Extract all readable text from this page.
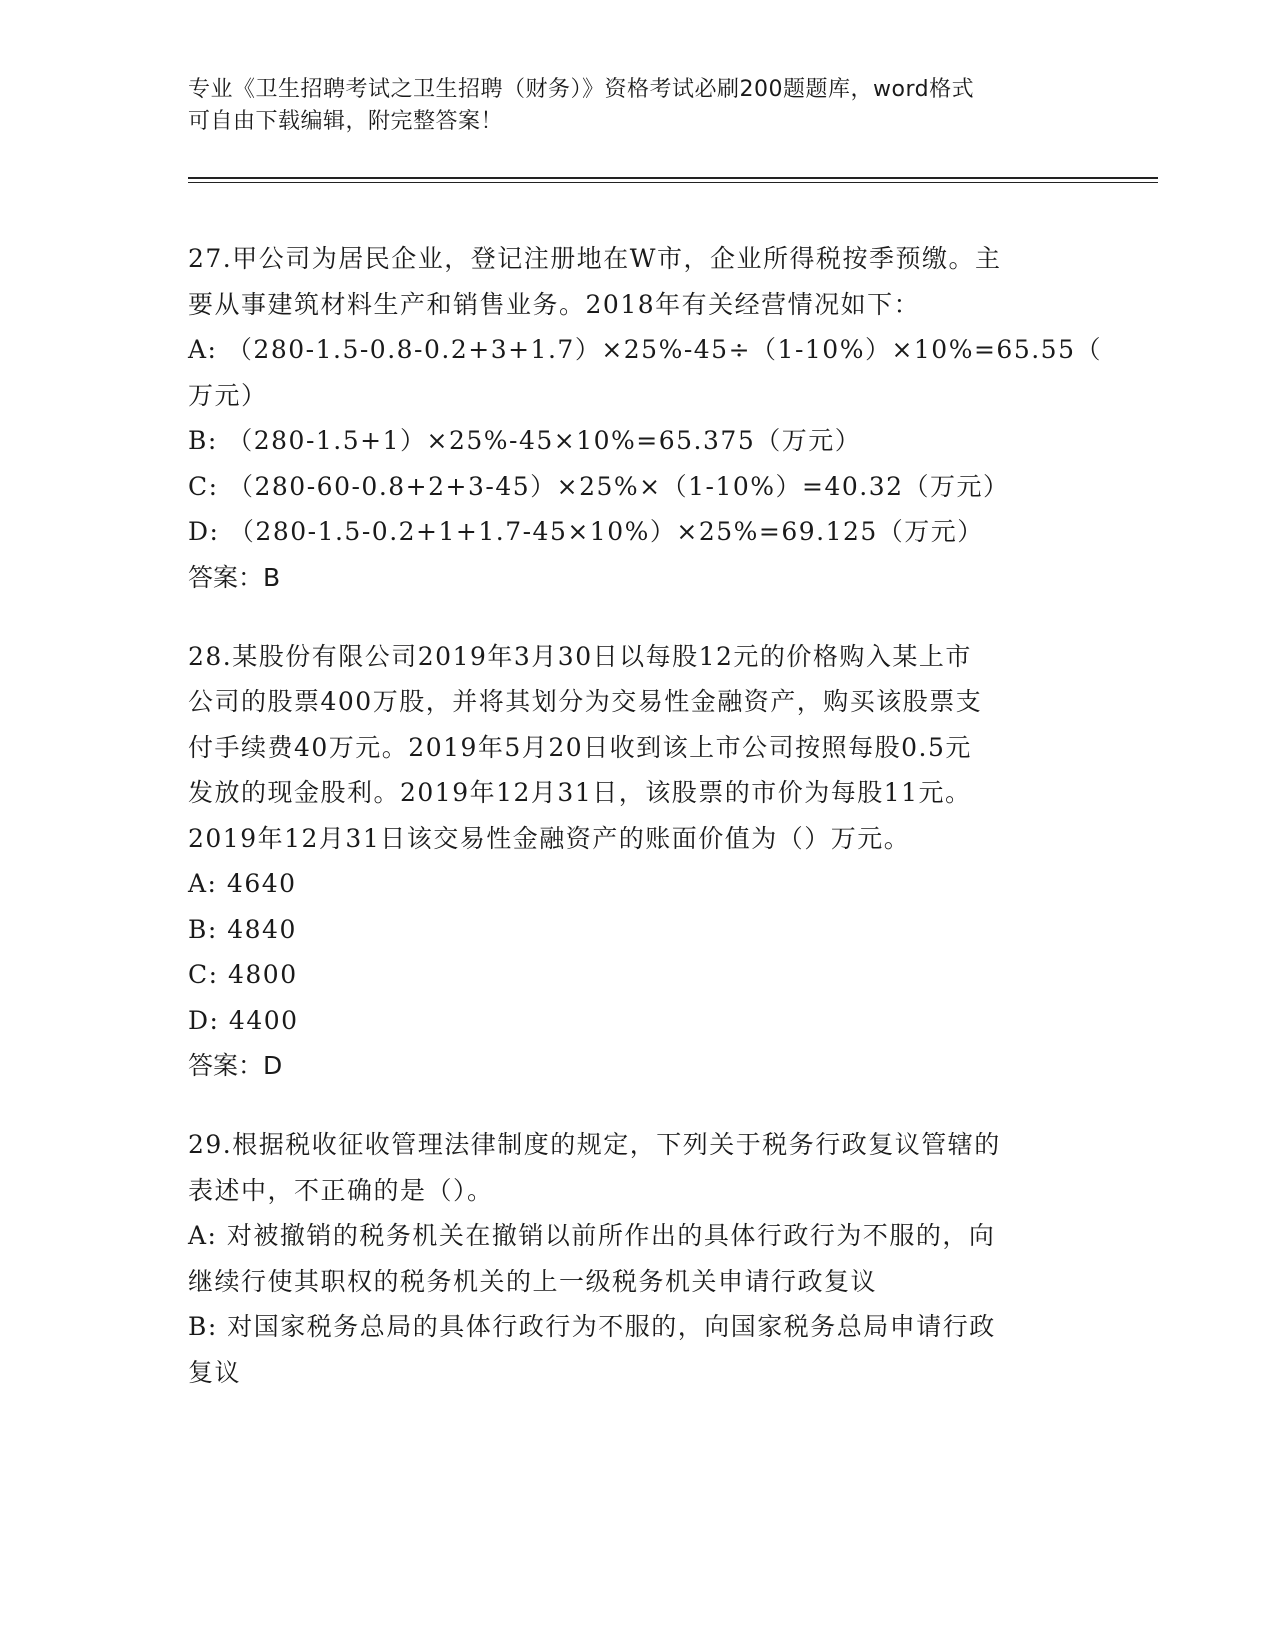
专业《卫生招聘考试之卫生招聘（财务）》资格考试必刷200题题库，word格式
可自由下载编辑，附完整答案！
27.甲公司为居民企业，登记注册地在W市，企业所得税按季预缴。主
要从事建筑材料生产和销售业务。2018年有关经营情况如下：
A: （280-1.5-0.8-0.2+3+1.7）×25%-45÷（1-10%）×10%=65.55（
万元）
B: （280-1.5+1）×25%-45×10%=65.375（万元）
C: （280-60-0.8+2+3-45）×25%×（1-10%）=40.32（万元）
D: （280-1.5-0.2+1+1.7-45×10%）×25%=69.125（万元）
答案：B
28.某股份有限公司2019年3月30日以每股12元的价格购入某上市
公司的股票400万股，并将其划分为交易性金融资产，购买该股票支
付手续费40万元。2019年5月20日收到该上市公司按照每股0.5元
发放的现金股利。2019年12月31日，该股票的市价为每股11元。
2019年12月31日该交易性金融资产的账面价值为（）万元。
A: 4640
B: 4840
C: 4800
D: 4400
答案：D
29.根据税收征收管理法律制度的规定，下列关于税务行政复议管辖的
表述中，不正确的是（）。
A: 对被撤销的税务机关在撤销以前所作出的具体行政行为不服的，向
继续行使其职权的税务机关的上一级税务机关申请行政复议
B: 对国家税务总局的具体行政行为不服的，向国家税务总局申请行政
复议
